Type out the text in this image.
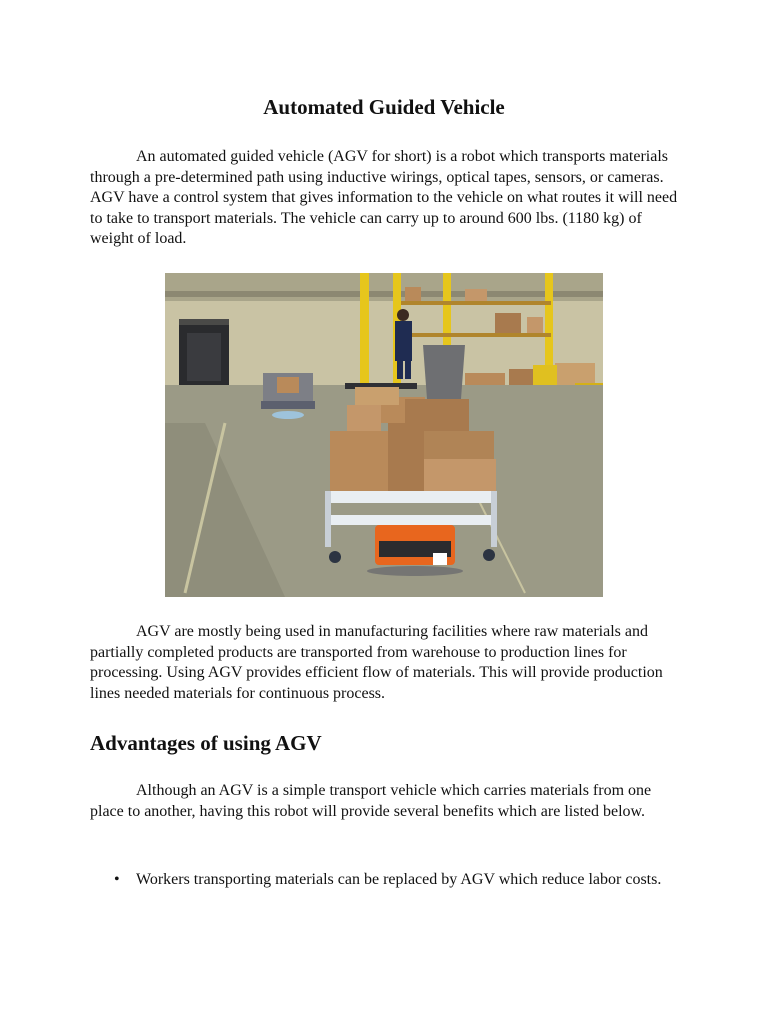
Automated Guided Vehicle
An automated guided vehicle (AGV for short) is a robot which transports materials through a pre-determined path using inductive wirings, optical tapes, sensors, or cameras. AGV have a control system that gives information to the vehicle on what routes it will need to take to transport materials. The vehicle can carry up to around 600 lbs. (1180 kg) of weight of load.
AGV are mostly being used in manufacturing facilities where raw materials and partially completed products are transported from warehouse to production lines for processing. Using AGV provides efficient flow of materials. This will provide production lines needed materials for continuous process.
Advantages of using AGV
Although an AGV is a simple transport vehicle which carries materials from one place to another, having this robot will provide several benefits which are listed below.
• Workers transporting materials can be replaced by AGV which reduce labor costs.
